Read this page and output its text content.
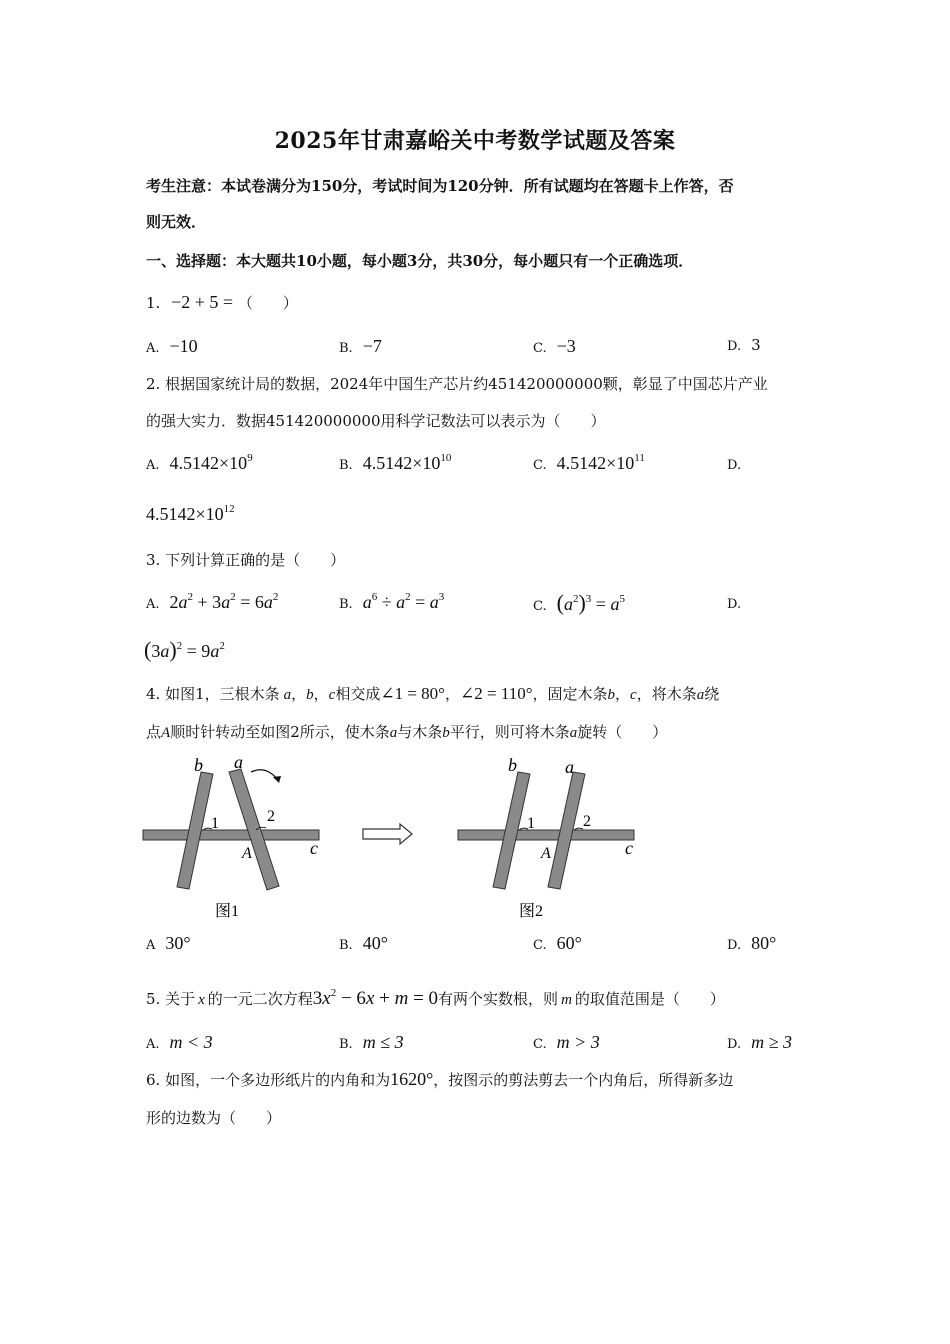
2025年甘肃嘉峪关中考数学试题及答案
考生注意：本试卷满分为150分，考试时间为120分钟．所有试题均在答题卡上作答，否
则无效．
一、选择题：本大题共10小题，每小题3分，共30分，每小题只有一个正确选项．
1. −2 + 5 = （　　）
A. −10	B. −7	C. −3	D. 3
2. 根据国家统计局的数据，2024年中国生产芯片约451420000000颗，彰显了中国芯片产业
的强大实力．数据451420000000用科学记数法可以表示为（　　）
A. $4.5142\times 10^9$	B. $4.5142\times 10^{10}$	C. $4.5142\times 10^{11}$	D.
$4.5142\times 10^{12}$
3. 下列计算正确的是（　　）
A. $2a^2 + 3a^2 = 6a^2$	B. $a^6 \div a^2 = a^3$
C. $(a^2)^3 = a^5$	D.
$(3a)^2 = 9a^2$
4. 如图1，三根木条 a，b，c相交成∠1 = 80°，∠2 = 110°，固定木条b，c，将木条a绕
点A顺时针转动至如图2所示，使木条a与木条b平行，则可将木条a旋转（　　）
b a
1	2
A	c
图1
b	a
1	2
A	c
图2
A 30°	B. 40°	C. 60°	D. 80°
5. 关于 x 的一元二次方程$3x^2 - 6x + m = 0$有两个实数根，则 m 的取值范围是（　　）
A. m < 3	B. m ≤ 3	C. m > 3	D. m ≥ 3
6. 如图，一个多边形纸片的内角和为1620°，按图示的剪法剪去一个内角后，所得新多边
形的边数为（　　）
